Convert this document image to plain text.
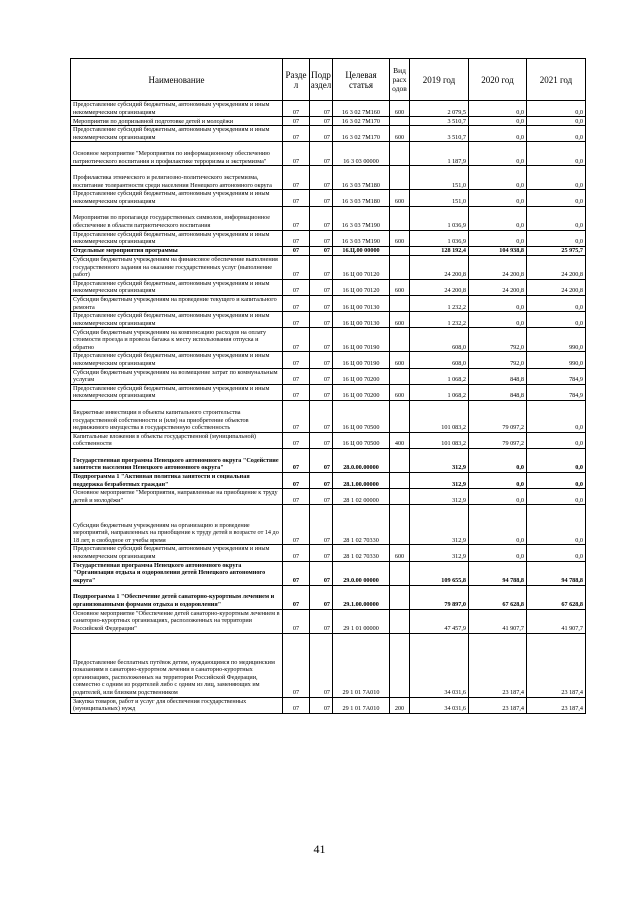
Наименование	Разде л	Подр аздел	Целевая статья	Вид расх одов	2019 год	2020 год	2021 год
Предоставление субсидий бюджетным, автономным учреждениям и иным некоммерческим организациям	07	07	16 3 02 7М160	600	2 079,5	0,0	0,0
Мероприятия по допризывной подготовке детей и молодёжи	07	07	16 3 02 7М170		3 510,7	0,0	0,0
Предоставление субсидий бюджетным, автономным учреждениям и иным некоммерческим организациям	07	07	16 3 02 7М170	600	3 510,7	0,0	0,0
Основное мероприятие "Мероприятия по информационному обеспечению патриотического воспитания и профилактике терроризма и экстремизма"	07	07	16 3 03 00000		1 187,9	0,0	0,0
Профилактика этнического и религиозно-политического экстремизма, воспитание толерантности среди населения Ненецкого автономного округа	07	07	16 3 03 7М180		151,0	0,0	0,0
Предоставление субсидий бюджетным, автономным учреждениям и иным некоммерческим организациям	07	07	16 3 03 7М180	600	151,0	0,0	0,0
Мероприятия по пропаганде государственных символов, информационное обеспечение в области патриотического воспитания	07	07	16 3 03 7М190		1 036,9	0,0	0,0
Предоставление субсидий бюджетным, автономным учреждениям и иным некоммерческим организациям	07	07	16 3 03 7М190	600	1 036,9	0,0	0,0
Отдельные мероприятия программы	07	07	16.Ц.00 00000		128 192,4	104 938,8	25 975,7
Субсидии бюджетным учреждениям на финансовое обеспечение выполнения государственного задания на оказание государственных услуг (выполнение работ)	07	07	16 Ц 00 70120		24 200,8	24 200,8	24 200,8
Предоставление субсидий бюджетным, автономным учреждениям и иным некоммерческим организациям	07	07	16 Ц 00 70120	600	24 200,8	24 200,8	24 200,8
Субсидии бюджетным учреждениям на проведение текущего и капитального ремонта	07	07	16 Ц 00 70130		1 232,2	0,0	0,0
Предоставление субсидий бюджетным, автономным учреждениям и иным некоммерческим организациям	07	07	16 Ц 00 70130	600	1 232,2	0,0	0,0
Субсидии бюджетным учреждениям на компенсацию расходов на оплату стоимости проезда и провоза багажа к месту использования отпуска и обратно	07	07	16 Ц 00 70190		608,0	792,0	990,0
Предоставление субсидий бюджетным, автономным учреждениям и иным некоммерческим организациям	07	07	16 Ц 00 70190	600	608,0	792,0	990,0
Субсидии бюджетным учреждениям на возмещение затрат по коммунальным услугам	07	07	16 Ц 00 70200		1 068,2	848,8	784,9
Предоставление субсидий бюджетным, автономным учреждениям и иным некоммерческим организациям	07	07	16 Ц 00 70200	600	1 068,2	848,8	784,9
Бюджетные инвестиции в объекты капитального строительства государственной собственности и (или) на приобретение объектов недвижимого имущества в государственную собственность	07	07	16 Ц 00 70500		101 083,2	79 097,2	0,0
Капитальные вложения в объекты государственной (муниципальной) собственности	07	07	16 Ц 00 70500	400	101 083,2	79 097,2	0,0
Государственная программа Ненецкого автономного округа "Содействие занятости населения Ненецкого автономного округа"	07	07	28.0.00.00000		312,9	0,0	0,0
Подпрограмма 1 "Активная политика занятости и социальная поддержка безработных граждан"	07	07	28.1.00.00000		312,9	0,0	0,0
Основное мероприятие "Мероприятия, направленные на приобщение к труду детей и молодёжи"	07	07	28 1 02 00000		312,9	0,0	0,0
Субсидии бюджетным учреждениям на организацию и проведение мероприятий, направленных на приобщение к труду детей в возрасте от 14 до 18 лет, в свободное от учебы время	07	07	28 1 02 70330		312,9	0,0	0,0
Предоставление субсидий бюджетным, автономным учреждениям и иным некоммерческим организациям	07	07	28 1 02 70330	600	312,9	0,0	0,0
Государственная программа Ненецкого автономного округа "Организация отдыха и оздоровления детей Ненецкого автономного округа"	07	07	29.0.00 00000		109 655,8	94 788,8	94 788,8
Подпрограмма 1 "Обеспечение детей санаторно-курортным лечением и организованными формами отдыха и оздоровления"	07	07	29.1.00.00000		79 897,0	67 628,8	67 628,8
Основное мероприятие "Обеспечение детей санаторно-курортным лечением в санаторно-курортных организациях, расположенных на территории Российской Федерации"	07	07	29 1 01 00000		47 457,9	41 907,7	41 907,7
Предоставление бесплатных путёвок детям, нуждающимся по медицинским показаниям в санаторно-курортном лечении в санаторно-курортных организациях, расположенных на территории Российской Федерации, совместно с одним из родителей либо с одним из лиц, заменяющих им родителей, или близким родственником	07	07	29 1 01 7А010		34 031,6	23 187,4	23 187,4
Закупка товаров, работ и услуг для обеспечения государственных (муниципальных) нужд	07	07	29 1 01 7А010	200	34 031,6	23 187,4	23 187,4
41
